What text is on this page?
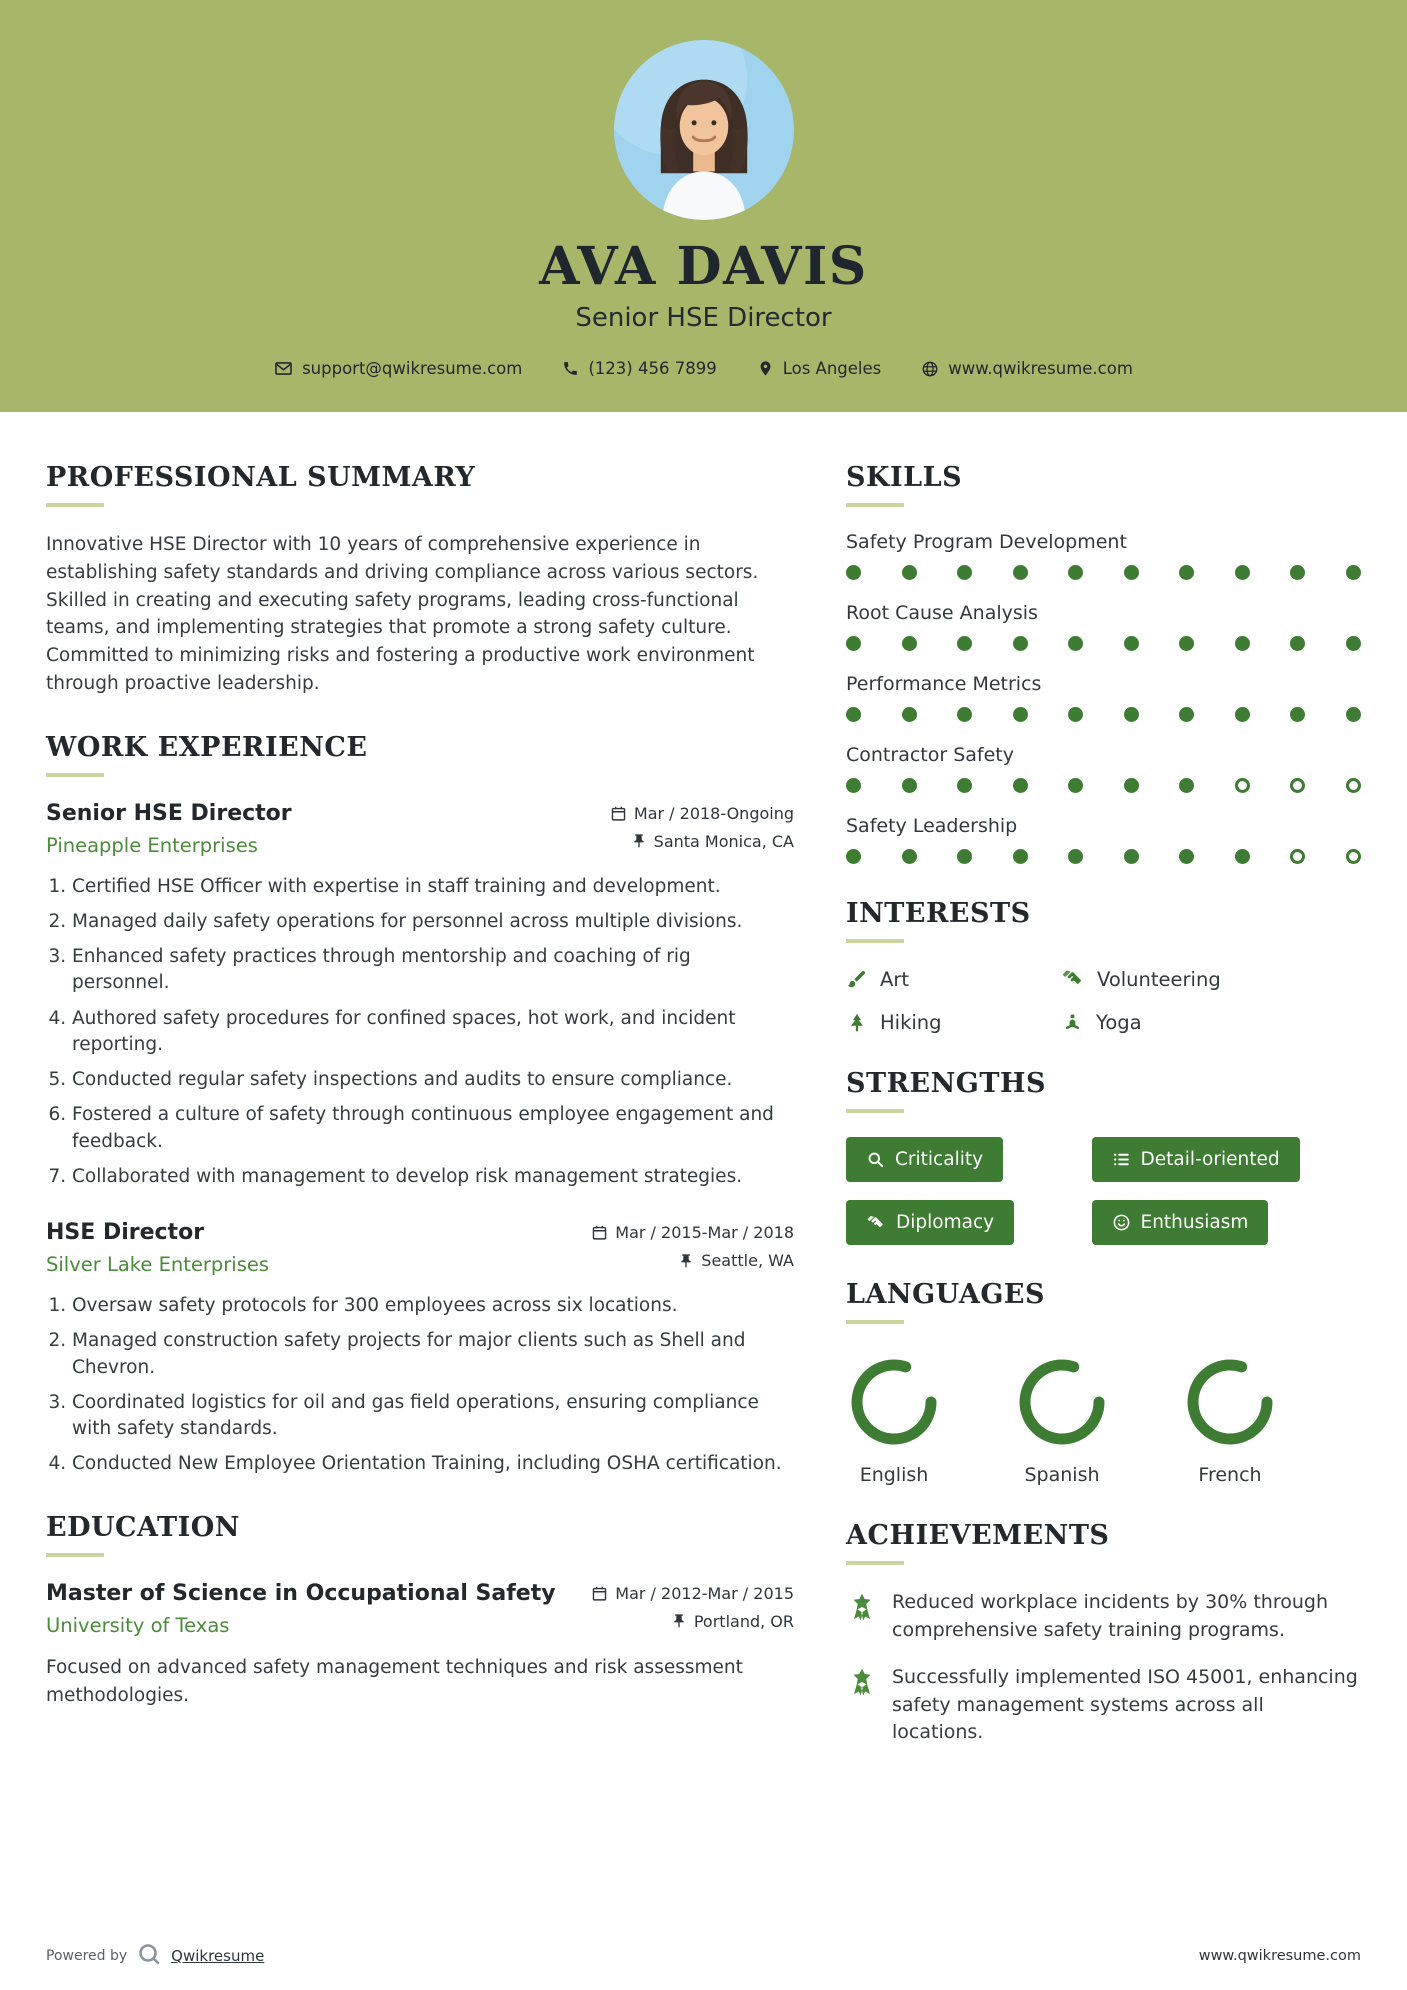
AVA DAVIS
Senior HSE Director
support@qwikresume.com	(123) 456 7899	Los Angeles	www.qwikresume.com
PROFESSIONAL SUMMARY

Innovative HSE Director with 10 years of comprehensive experience in establishing safety standards and driving compliance across various sectors. Skilled in creating and executing safety programs, leading cross-functional teams, and implementing strategies that promote a strong safety culture. Committed to minimizing risks and fostering a productive work environment through proactive leadership.

WORK EXPERIENCE
Senior HSE Director
Pineapple Enterprises
Mar / 2018-Ongoing
Santa Monica, CA
1. Certified HSE Officer with expertise in staff training and development.
2. Managed daily safety operations for personnel across multiple divisions.
3. Enhanced safety practices through mentorship and coaching of rig personnel.
4. Authored safety procedures for confined spaces, hot work, and incident reporting.
5. Conducted regular safety inspections and audits to ensure compliance.
6. Fostered a culture of safety through continuous employee engagement and feedback.
7. Collaborated with management to develop risk management strategies.
HSE Director
Silver Lake Enterprises
Mar / 2015-Mar / 2018
Seattle, WA
1. Oversaw safety protocols for 300 employees across six locations.
2. Managed construction safety projects for major clients such as Shell and Chevron.
3. Coordinated logistics for oil and gas field operations, ensuring compliance with safety standards.
4. Conducted New Employee Orientation Training, including OSHA certification.
EDUCATION
Master of Science in Occupational Safety
University of Texas
Mar / 2012-Mar / 2015
Portland, OR

Focused on advanced safety management techniques and risk assessment methodologies.

SKILLS
Safety Program Development
Root Cause Analysis
Performance Metrics
Contractor Safety
Safety Leadership
INTERESTS
Art	Volunteering
Hiking	Yoga
STRENGTHS
Criticality	Detail-oriented
Diplomacy	Enthusiasm
LANGUAGES
English	Spanish	French
ACHIEVEMENTS
Reduced workplace incidents by 30% through comprehensive safety training programs.
Successfully implemented ISO 45001, enhancing safety management systems across all locations.
Powered by	Qwikresume	www.qwikresume.com
